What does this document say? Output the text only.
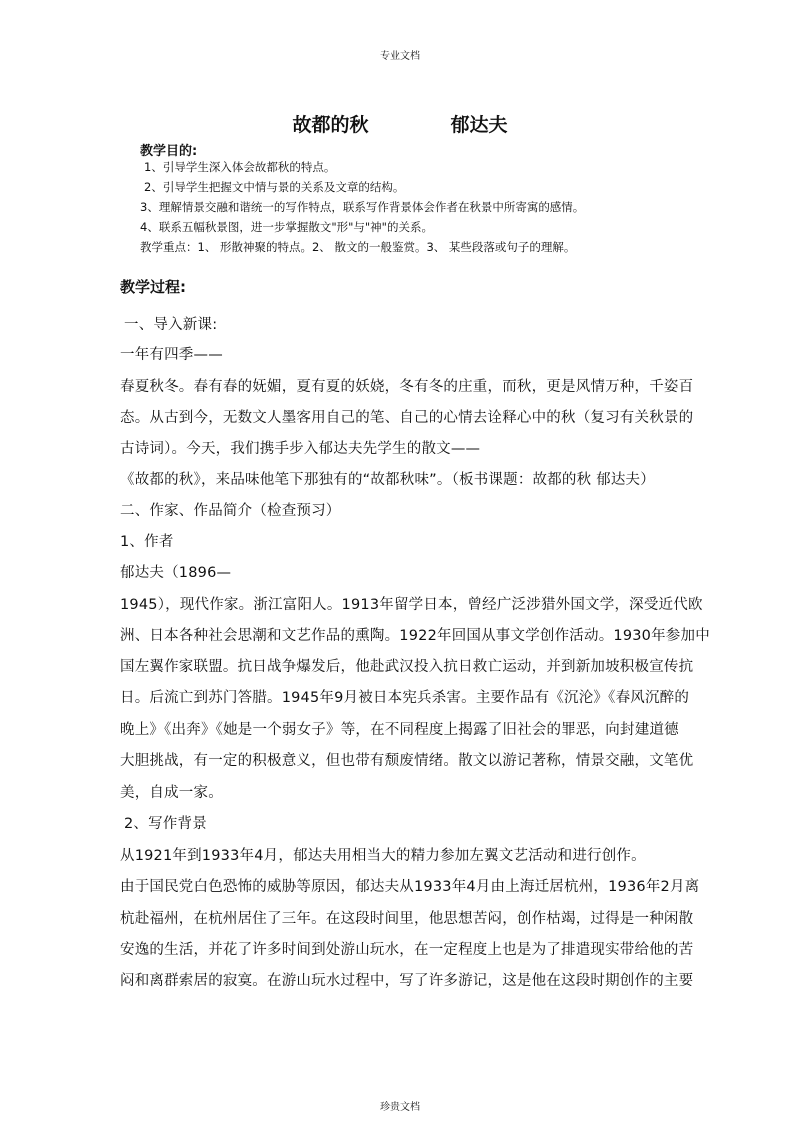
专业文档
故都的秋	郁达夫
教学目的:
1、引导学生深入体会故都秋的特点。
2、引导学生把握文中情与景的关系及文章的结构。
3、理解情景交融和谐统一的写作特点，联系写作背景体会作者在秋景中所寄寓的感情。
4、联系五幅秋景图，进一步掌握散文"形"与"神"的关系。
教学重点：1、 形散神聚的特点。2、 散文的一般鉴赏。3、 某些段落或句子的理解。
教学过程:
一、导入新课:
一年有四季——
春夏秋冬。春有春的妩媚，夏有夏的妖娆，冬有冬的庄重，而秋，更是风情万种，千姿百
态。从古到今，无数文人墨客用自己的笔、自己的心情去诠释心中的秋（复习有关秋景的
古诗词）。今天，我们携手步入郁达夫先学生的散文——
《故都的秋》，来品味他笔下那独有的“故都秋味”。（板书课题：故都的秋 郁达夫）
二、作家、作品简介（检查预习）
1、作者
郁达夫（1896—
1945），现代作家。浙江富阳人。1913年留学日本，曾经广泛涉猎外国文学，深受近代欧
洲、日本各种社会思潮和文艺作品的熏陶。1922年回国从事文学创作活动。1930年参加中
国左翼作家联盟。抗日战争爆发后，他赴武汉投入抗日救亡运动，并到新加坡积极宣传抗
日。后流亡到苏门答腊。1945年9月被日本宪兵杀害。主要作品有《沉沦》《春风沉醉的
晚上》《出奔》《她是一个弱女子》等，在不同程度上揭露了旧社会的罪恶，向封建道德
大胆挑战，有一定的积极意义，但也带有颓废情绪。散文以游记著称，情景交融，文笔优
美，自成一家。
2、写作背景
从1921年到1933年4月，郁达夫用相当大的精力参加左翼文艺活动和进行创作。
由于国民党白色恐怖的威胁等原因，郁达夫从1933年4月由上海迁居杭州，1936年2月离
杭赴福州，在杭州居住了三年。在这段时间里，他思想苦闷，创作枯竭，过得是一种闲散
安逸的生活，并花了许多时间到处游山玩水，在一定程度上也是为了排遣现实带给他的苦
闷和离群索居的寂寞。在游山玩水过程中，写了许多游记，这是他在这段时期创作的主要
珍贵文档
